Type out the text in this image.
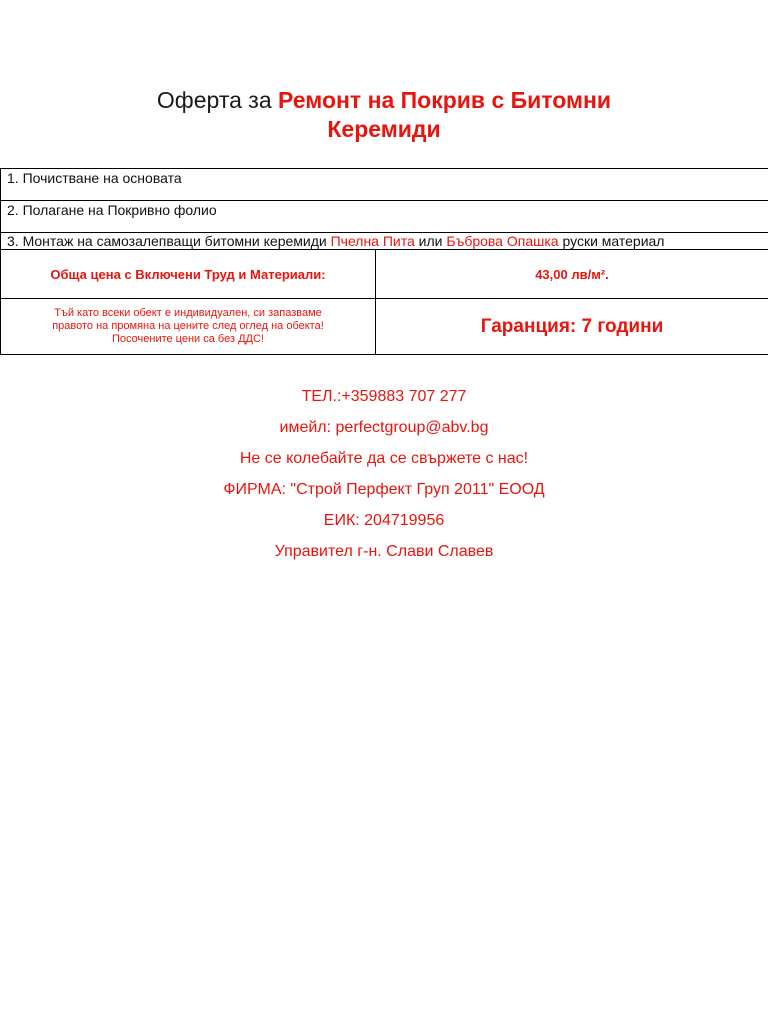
Оферта за Ремонт на Покрив с Битомни
Керемиди
1. Почистване на основата	
2. Полагане на Покривно фолио	
3. Монтаж на самозалепващи битомни керемиди Пчелна Пита или Бъброва Опашка руски материал	
Обща цена с Включени Труд и Материали:	43,00 лв/м².

Тъй като всеки обект е индивидуален, си запазваме
правото на промяна на цените след оглед на обекта!
Посочените цени са без ДДС!	Гаранция: 7 години
ТЕЛ.:+359883 707 277
имейл: perfectgroup@abv.bg
Не се колебайте да се свържете с нас!
ФИРМА: "Строй Перфект Груп 2011" ЕООД
ЕИК: 204719956
Управител г-н. Слави Славев
